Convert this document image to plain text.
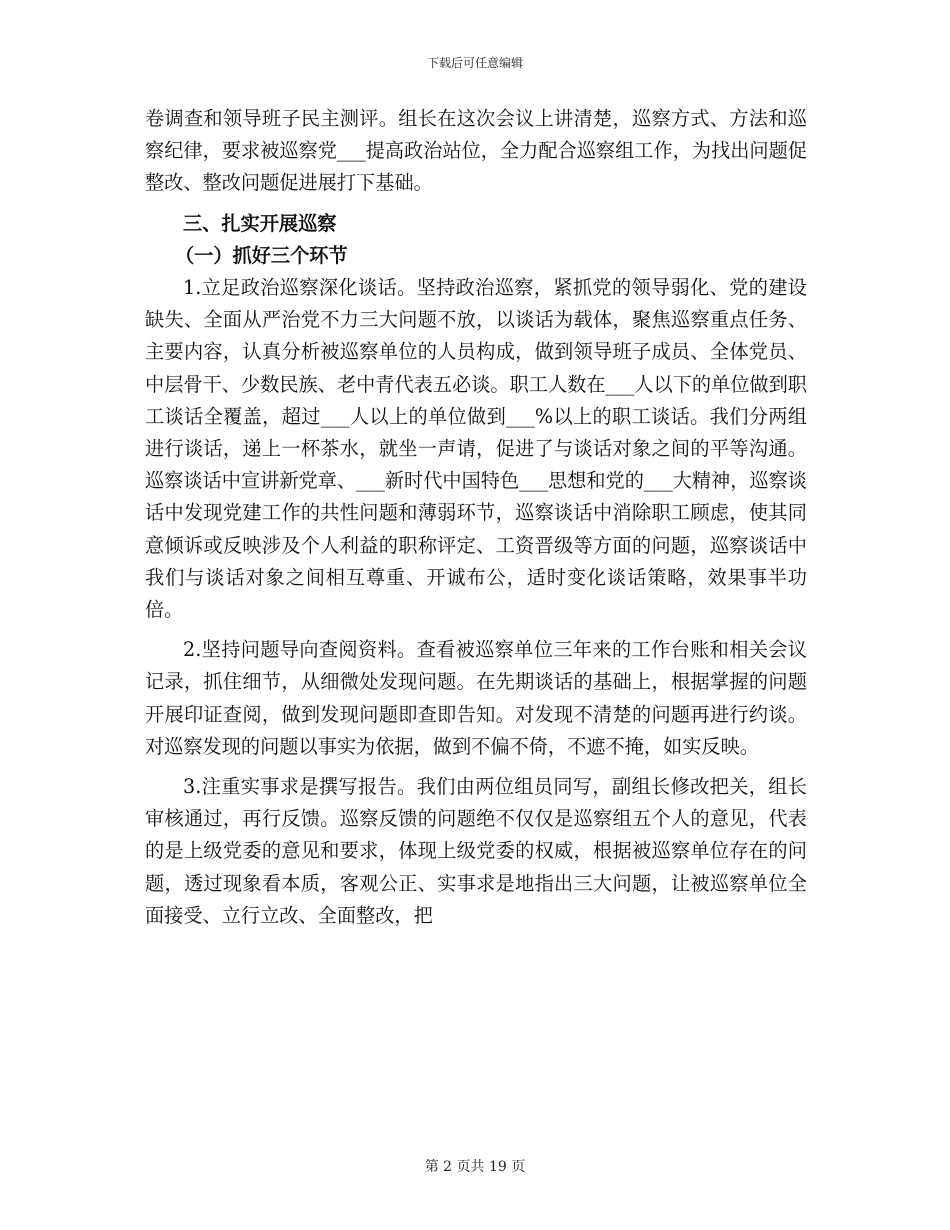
下载后可任意编辑

卷调查和领导班子民主测评。组长在这次会议上讲清楚，巡察方式、方法和巡察纪律，要求被巡察党___提高政治站位，全力配合巡察组工作，为找出问题促整改、整改问题促进展打下基础。

三、扎实开展巡察

（一）抓好三个环节

1.立足政治巡察深化谈话。坚持政治巡察，紧抓党的领导弱化、党的建设缺失、全面从严治党不力三大问题不放，以谈话为载体，聚焦巡察重点任务、主要内容，认真分析被巡察单位的人员构成，做到领导班子成员、全体党员、中层骨干、少数民族、老中青代表五必谈。职工人数在___人以下的单位做到职工谈话全覆盖，超过___人以上的单位做到___%以上的职工谈话。我们分两组进行谈话，递上一杯茶水，就坐一声请，促进了与谈话对象之间的平等沟通。巡察谈话中宣讲新党章、___新时代中国特色___思想和党的___大精神，巡察谈话中发现党建工作的共性问题和薄弱环节，巡察谈话中消除职工顾虑，使其同意倾诉或反映涉及个人利益的职称评定、工资晋级等方面的问题，巡察谈话中我们与谈话对象之间相互尊重、开诚布公，适时变化谈话策略，效果事半功倍。

2.坚持问题导向查阅资料。查看被巡察单位三年来的工作台账和相关会议记录，抓住细节，从细微处发现问题。在先期谈话的基础上，根据掌握的问题开展印证查阅，做到发现问题即查即告知。对发现不清楚的问题再进行约谈。对巡察发现的问题以事实为依据，做到不偏不倚，不遮不掩，如实反映。

3.注重实事求是撰写报告。我们由两位组员同写，副组长修改把关，组长审核通过，再行反馈。巡察反馈的问题绝不仅仅是巡察组五个人的意见，代表的是上级党委的意见和要求，体现上级党委的权威，根据被巡察单位存在的问题，透过现象看本质，客观公正、实事求是地指出三大问题，让被巡察单位全面接受、立行立改、全面整改，把

第 2 页共 19 页
